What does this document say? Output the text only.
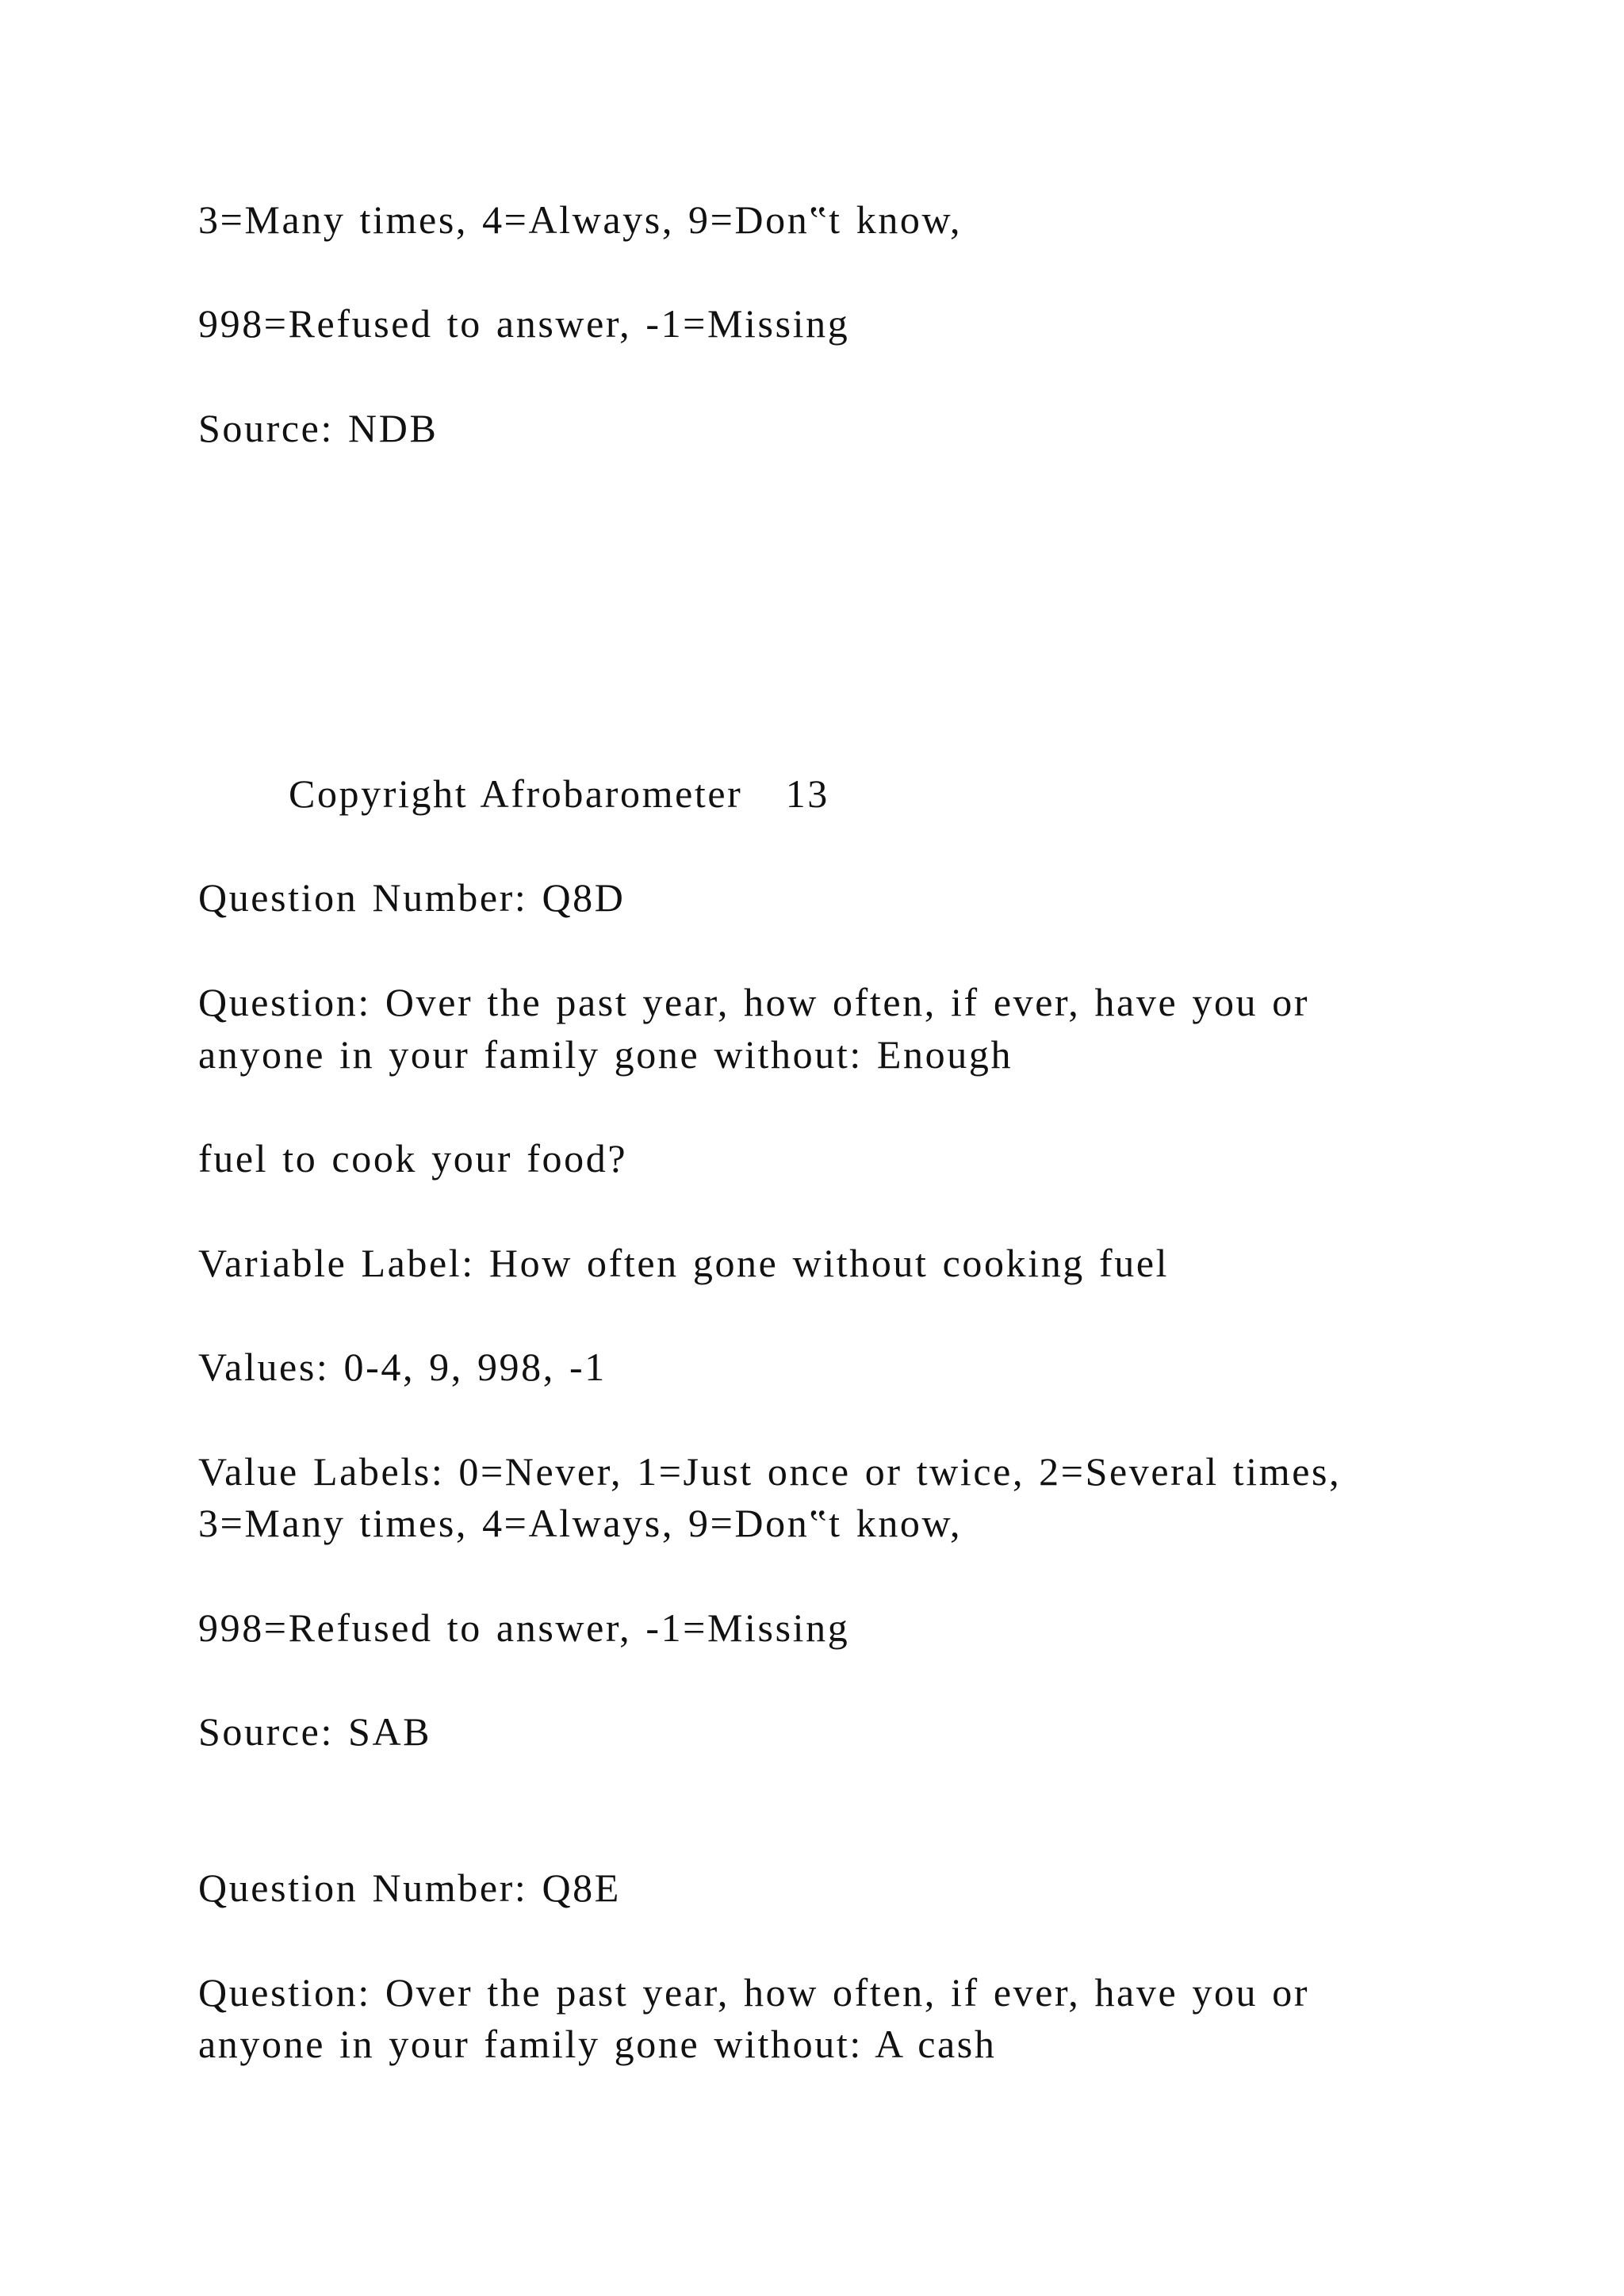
3=Many times, 4=Always, 9=Don‟t know,
998=Refused to answer, -1=Missing
Source: NDB
Copyright Afrobarometer   13
Question Number: Q8D
Question: Over the past year, how often, if ever, have you or
anyone in your family gone without: Enough
fuel to cook your food?
Variable Label: How often gone without cooking fuel
Values: 0-4, 9, 998, -1
Value Labels: 0=Never, 1=Just once or twice, 2=Several times,
3=Many times, 4=Always, 9=Don‟t know,
998=Refused to answer, -1=Missing
Source: SAB
Question Number: Q8E
Question: Over the past year, how often, if ever, have you or
anyone in your family gone without: A cash
